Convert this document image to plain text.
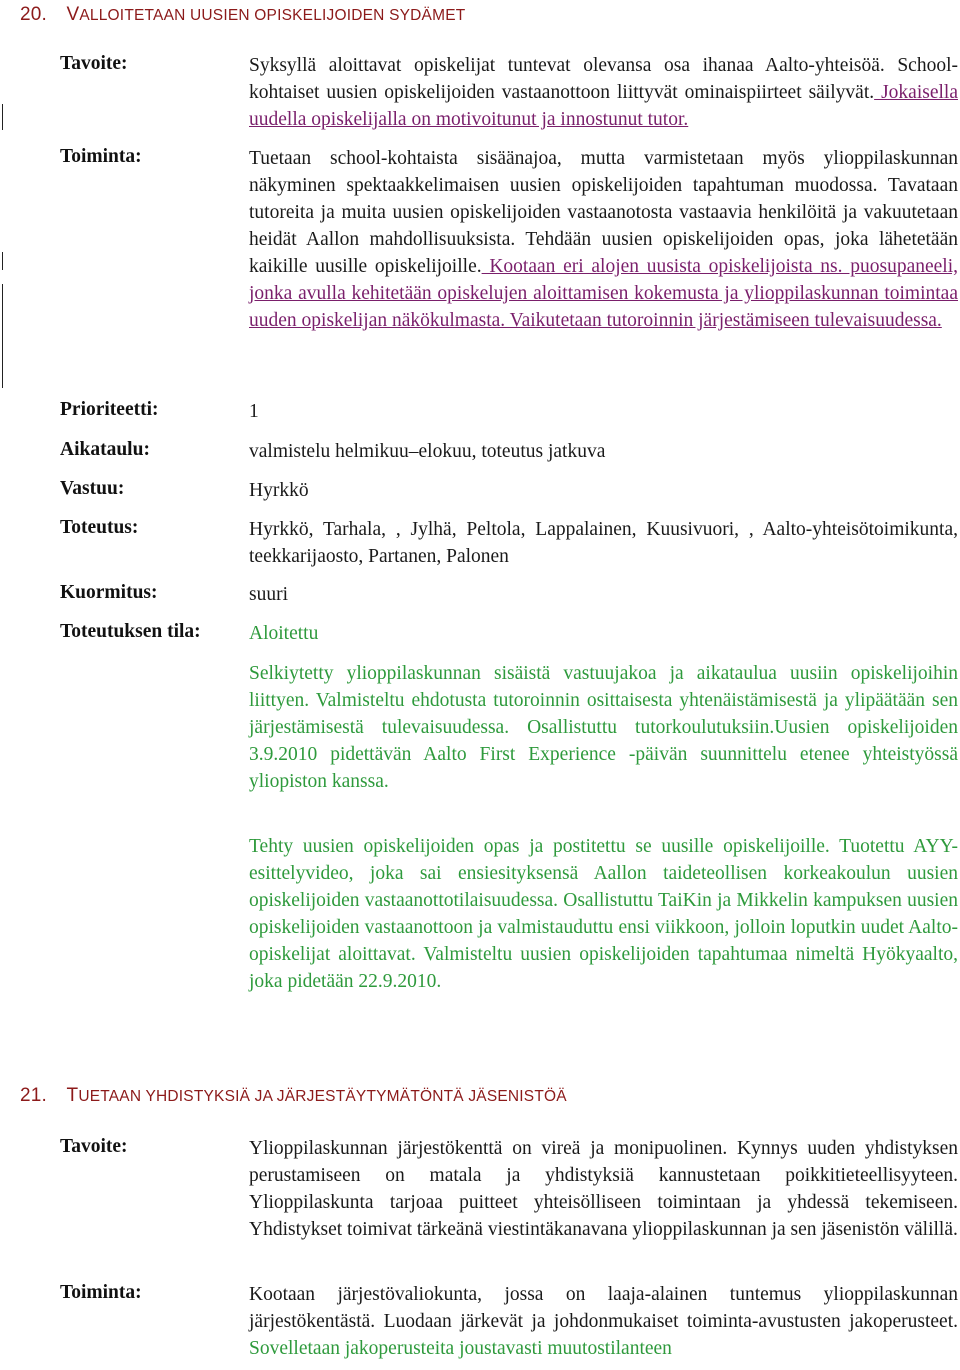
20. VALLOITETAAN UUSIEN OPISKELIJOIDEN SYDÄMET
Tavoite:	Syksyllä aloittavat opiskelijat tuntevat olevansa osa ihanaa Aalto-yhteisöä. School-kohtaiset uusien opiskelijoiden vastaanottoon liittyvät ominaispiirteet säilyvät. Jokaisella uudella opiskelijalla on motivoitunut ja innostunut tutor.
Toiminta:	Tuetaan school-kohtaista sisäänajoa, mutta varmistetaan myös ylioppilaskunnan näkyminen spektaakkelimaisen uusien opiskelijoiden tapahtuman muodossa. Tavataan tutoreita ja muita uusien opiskelijoiden vastaanotosta vastaavia henkilöitä ja vakuutetaan heidät Aallon mahdollisuuksista. Tehdään uusien opiskelijoiden opas, joka lähetetään kaikille uusille opiskelijoille. Kootaan eri alojen uusista opiskelijoista ns. puosupaneeli, jonka avulla kehitetään opiskelujen aloittamisen kokemusta ja ylioppilaskunnan toimintaa uuden opiskelijan näkökulmasta. Vaikutetaan tutoroinnin järjestämiseen tulevaisuudessa.
Prioriteetti:	1
Aikataulu:	valmistelu helmikuu–elokuu, toteutus jatkuva
Vastuu:	Hyrkkö
Toteutus:	Hyrkkö, Tarhala, , Jylhä, Peltola, Lappalainen, Kuusivuori, , Aalto-yhteisötoimikunta, teekkarijaosto, Partanen, Palonen
Kuormitus:	suuri
Toteutuksen tila: Aloitettu
Selkiytetty ylioppilaskunnan sisäistä vastuujakoa ja aikataulua uusiin opiskelijoihin liittyen. Valmisteltu ehdotusta tutoroinnin osittaisesta yhtenäistämisestä ja ylipäätään sen järjestämisestä tulevaisuudessa. Osallistuttu tutorkoulutuksiin.Uusien opiskelijoiden 3.9.2010 pidettävän Aalto First Experience -päivän suunnittelu etenee yhteistyössä yliopiston kanssa.
Tehty uusien opiskelijoiden opas ja postitettu se uusille opiskelijoille. Tuotettu AYY-esittelyvideo, joka sai ensiesityksensä Aallon taideteollisen korkeakoulun uusien opiskelijoiden vastaanottotilaisuudessa. Osallistuttu TaiKin ja Mikkelin kampuksen uusien opiskelijoiden vastaanottoon ja valmistauduttu ensi viikkoon, jolloin loputkin uudet Aalto-opiskelijat aloittavat. Valmisteltu uusien opiskelijoiden tapahtumaa nimeltä Hyökyaalto, joka pidetään 22.9.2010.
21. TUETAAN YHDISTYKSIÄ JA JÄRJESTÄYTYMÄTÖNTÄ JÄSENISTÖÄ
Tavoite:	Ylioppilaskunnan järjestökenttä on vireä ja monipuolinen. Kynnys uuden yhdistyksen perustamiseen on matala ja yhdistyksiä kannustetaan poikkitieteellisyyteen. Ylioppilaskunta tarjoaa puitteet yhteisölliseen toimintaan ja yhdessä tekemiseen. Yhdistykset toimivat tärkeänä viestintäkanavana ylioppilaskunnan ja sen jäsenistön välillä.
Toiminta:	Kootaan järjestövaliokunta, jossa on laaja-alainen tuntemus ylioppilaskunnan järjestökentästä. Luodaan järkevät ja johdonmukaiset toiminta-avustusten jakoperusteet. Sovelletaan jakoperusteita joustavasti muutostilanteen
